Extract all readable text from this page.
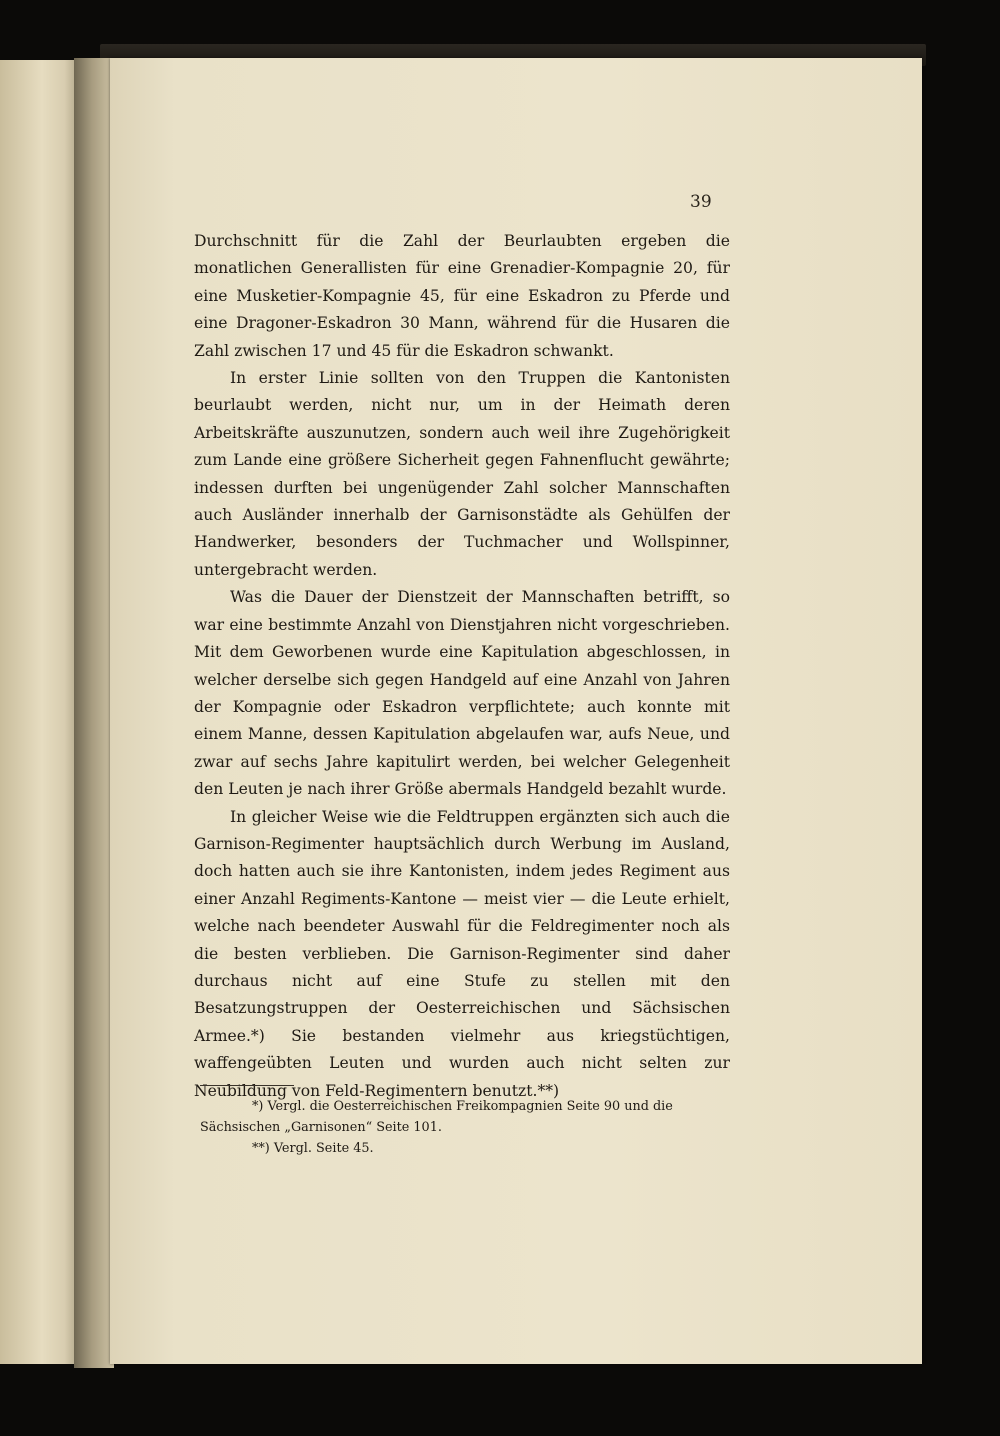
39

Durchschnitt für die Zahl der Beurlaubten ergeben die monatlichen Generallisten für eine Grenadier-Kompagnie 20, für eine Musketier-Kompagnie 45, für eine Eskadron zu Pferde und eine Dragoner-Eskadron 30 Mann, während für die Husaren die Zahl zwischen 17 und 45 für die Eskadron schwankt.

In erster Linie sollten von den Truppen die Kantonisten beurlaubt werden, nicht nur, um in der Heimath deren Arbeitskräfte auszunutzen, sondern auch weil ihre Zugehörigkeit zum Lande eine größere Sicherheit gegen Fahnenflucht gewährte; indessen durften bei ungenügender Zahl solcher Mannschaften auch Ausländer innerhalb der Garnisonstädte als Gehülfen der Handwerker, besonders der Tuchmacher und Wollspinner, untergebracht werden.

Was die Dauer der Dienstzeit der Mannschaften betrifft, so war eine bestimmte Anzahl von Dienstjahren nicht vorgeschrieben. Mit dem Geworbenen wurde eine Kapitulation abgeschlossen, in welcher derselbe sich gegen Handgeld auf eine Anzahl von Jahren der Kompagnie oder Eskadron verpflichtete; auch konnte mit einem Manne, dessen Kapitulation abgelaufen war, aufs Neue, und zwar auf sechs Jahre kapitulirt werden, bei welcher Gelegenheit den Leuten je nach ihrer Größe abermals Handgeld bezahlt wurde.

In gleicher Weise wie die Feldtruppen ergänzten sich auch die Garnison-Regimenter hauptsächlich durch Werbung im Ausland, doch hatten auch sie ihre Kantonisten, indem jedes Regiment aus einer Anzahl Regiments-Kantone — meist vier — die Leute erhielt, welche nach beendeter Auswahl für die Feldregimenter noch als die besten verblieben. Die Garnison-Regimenter sind daher durchaus nicht auf eine Stufe zu stellen mit den Besatzungstruppen der Oesterreichischen und Sächsischen Armee.*) Sie bestanden vielmehr aus kriegstüchtigen, waffengeübten Leuten und wurden auch nicht selten zur Neubildung von Feld-Regimentern benutzt.**)

*) Vergl. die Oesterreichischen Freikompagnien Seite 90 und die Sächsischen „Garnisonen“ Seite 101.

**) Vergl. Seite 45.
